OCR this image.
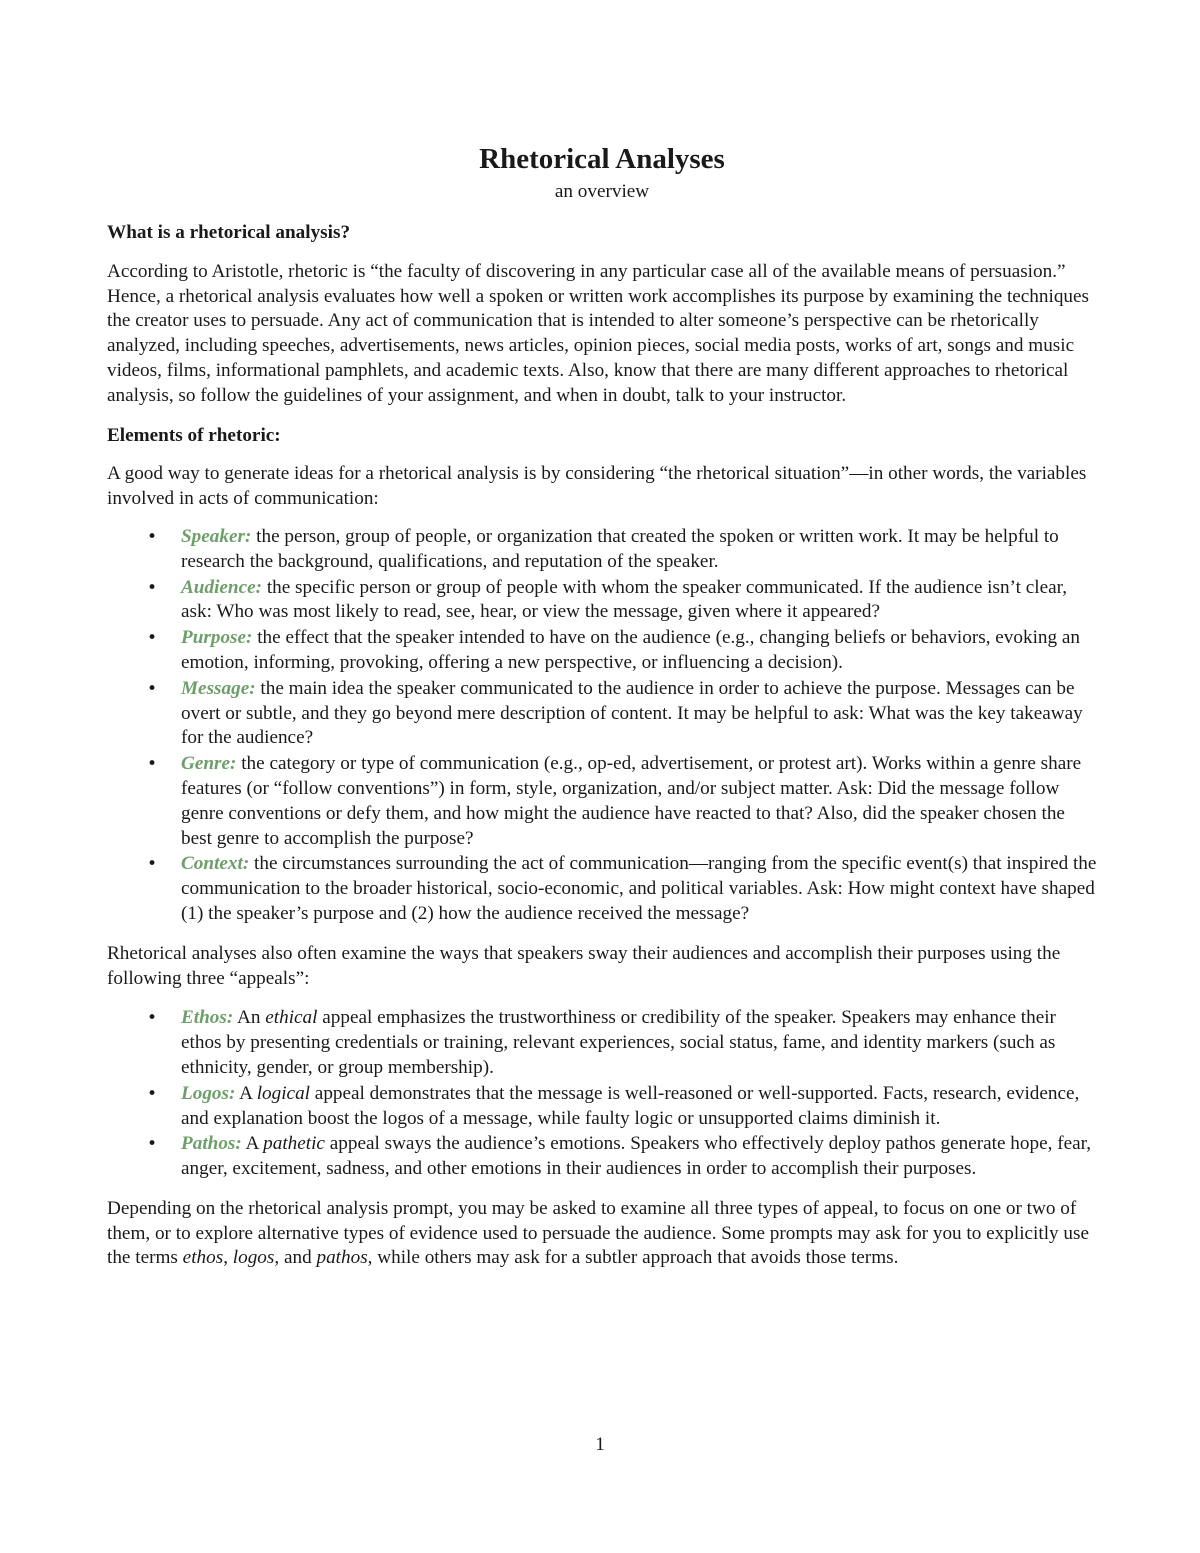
Rhetorical Analyses
an overview
What is a rhetorical analysis?

According to Aristotle, rhetoric is “the faculty of discovering in any particular case all of the available means of persuasion.” Hence, a rhetorical analysis evaluates how well a spoken or written work accomplishes its purpose by examining the techniques the creator uses to persuade. Any act of communication that is intended to alter someone’s perspective can be rhetorically analyzed, including speeches, advertisements, news articles, opinion pieces, social media posts, works of art, songs and music videos, films, informational pamphlets, and academic texts. Also, know that there are many different approaches to rhetorical analysis, so follow the guidelines of your assignment, and when in doubt, talk to your instructor.

Elements of rhetoric:

A good way to generate ideas for a rhetorical analysis is by considering “the rhetorical situation”—in other words, the variables involved in acts of communication:

• Speaker: the person, group of people, or organization that created the spoken or written work. It may be helpful to research the background, qualifications, and reputation of the speaker.
• Audience: the specific person or group of people with whom the speaker communicated. If the audience isn’t clear, ask: Who was most likely to read, see, hear, or view the message, given where it appeared?
• Purpose: the effect that the speaker intended to have on the audience (e.g., changing beliefs or behaviors, evoking an emotion, informing, provoking, offering a new perspective, or influencing a decision).
• Message: the main idea the speaker communicated to the audience in order to achieve the purpose. Messages can be overt or subtle, and they go beyond mere description of content. It may be helpful to ask: What was the key takeaway for the audience?
• Genre: the category or type of communication (e.g., op-ed, advertisement, or protest art). Works within a genre share features (or “follow conventions”) in form, style, organization, and/or subject matter. Ask: Did the message follow genre conventions or defy them, and how might the audience have reacted to that? Also, did the speaker chosen the best genre to accomplish the purpose?
• Context: the circumstances surrounding the act of communication—ranging from the specific event(s) that inspired the communication to the broader historical, socio-economic, and political variables. Ask: How might context have shaped (1) the speaker’s purpose and (2) how the audience received the message?

Rhetorical analyses also often examine the ways that speakers sway their audiences and accomplish their purposes using the following three “appeals”:

• Ethos: An ethical appeal emphasizes the trustworthiness or credibility of the speaker. Speakers may enhance their ethos by presenting credentials or training, relevant experiences, social status, fame, and identity markers (such as ethnicity, gender, or group membership).
• Logos: A logical appeal demonstrates that the message is well-reasoned or well-supported. Facts, research, evidence, and explanation boost the logos of a message, while faulty logic or unsupported claims diminish it.
• Pathos: A pathetic appeal sways the audience’s emotions. Speakers who effectively deploy pathos generate hope, fear, anger, excitement, sadness, and other emotions in their audiences in order to accomplish their purposes.

Depending on the rhetorical analysis prompt, you may be asked to examine all three types of appeal, to focus on one or two of them, or to explore alternative types of evidence used to persuade the audience. Some prompts may ask for you to explicitly use the terms ethos, logos, and pathos, while others may ask for a subtler approach that avoids those terms.

1
